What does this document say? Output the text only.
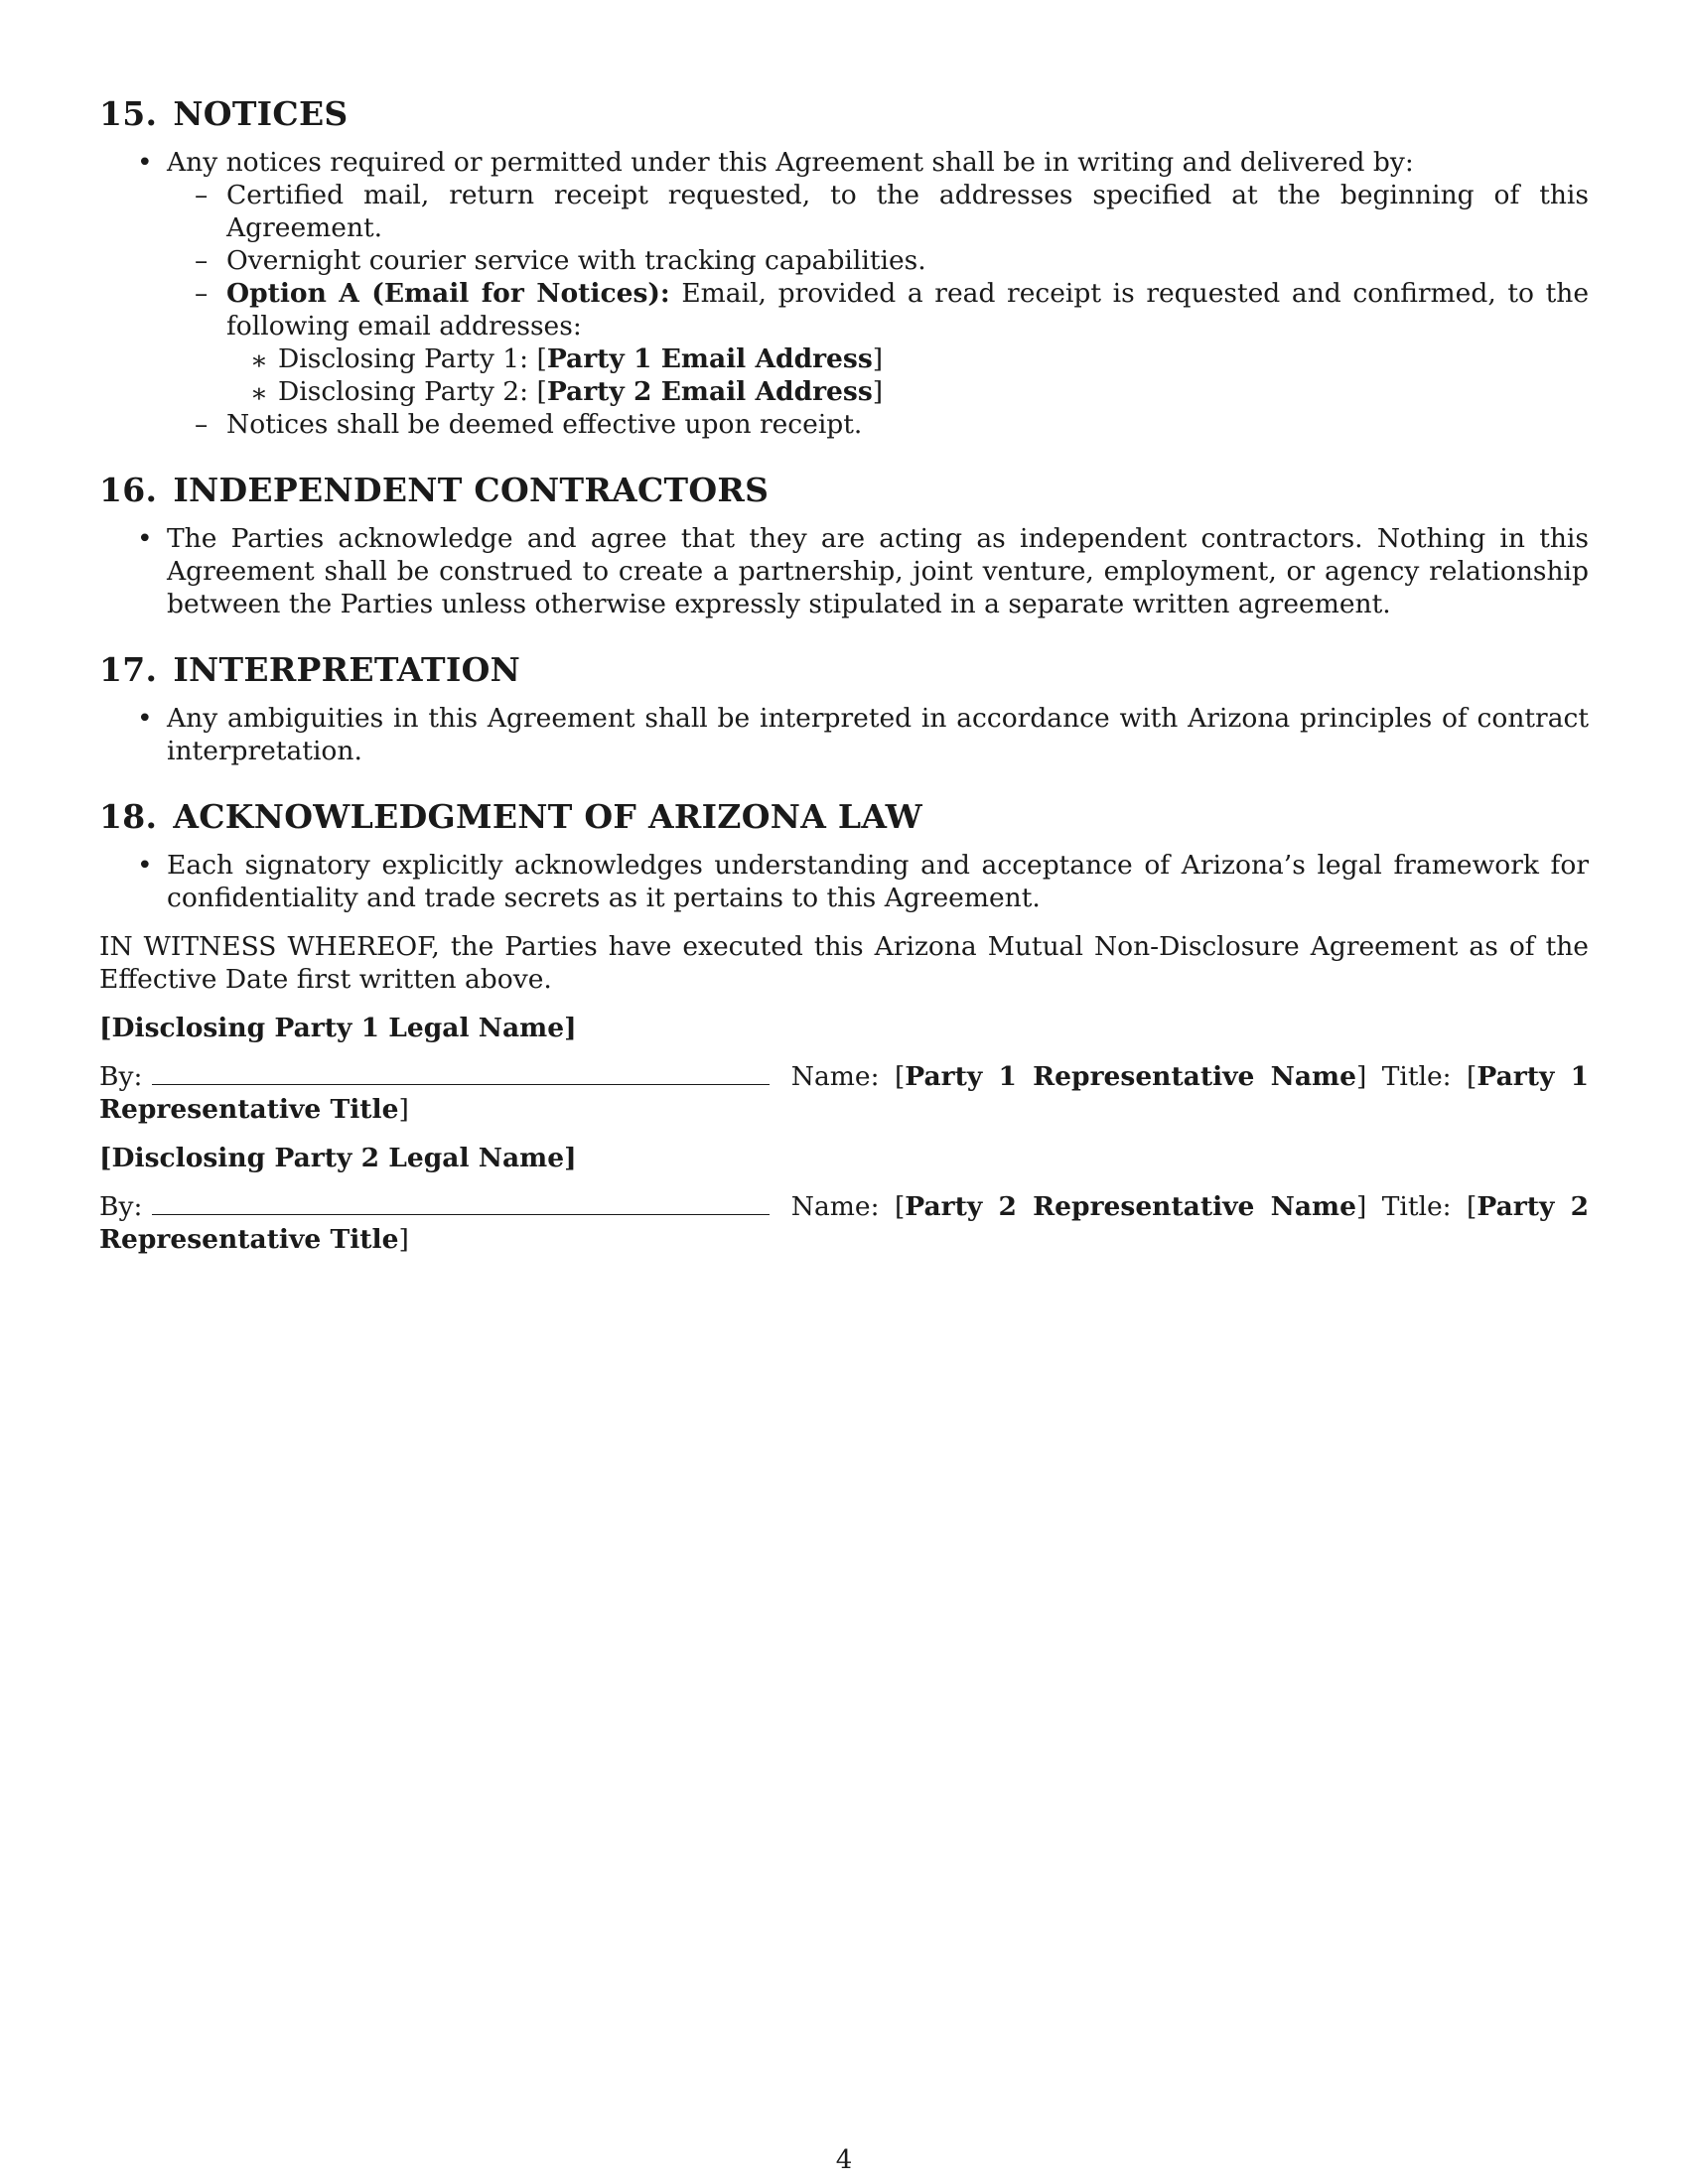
15. NOTICES
• Any notices required or permitted under this Agreement shall be in writing and delivered by:
– Certified mail, return receipt requested, to the addresses specified at the beginning of this Agreement.
– Overnight courier service with tracking capabilities.
– Option A (Email for Notices): Email, provided a read receipt is requested and confirmed, to the following email addresses:
∗ Disclosing Party 1: [Party 1 Email Address]
∗ Disclosing Party 2: [Party 2 Email Address]
– Notices shall be deemed effective upon receipt.
16. INDEPENDENT CONTRACTORS
• The Parties acknowledge and agree that they are acting as independent contractors. Nothing in this Agreement shall be construed to create a partnership, joint venture, employment, or agency relationship between the Parties unless otherwise expressly stipulated in a separate written agreement.
17. INTERPRETATION
• Any ambiguities in this Agreement shall be interpreted in accordance with Arizona principles of contract interpretation.
18. ACKNOWLEDGMENT OF ARIZONA LAW
• Each signatory explicitly acknowledges understanding and acceptance of Arizona’s legal framework for confidentiality and trade secrets as it pertains to this Agreement.

IN WITNESS WHEREOF, the Parties have executed this Arizona Mutual Non-Disclosure Agreement as of the Effective Date first written above.

[Disclosing Party 1 Legal Name]
By:	Name: [Party 1 Representative Name] Title: [Party 1 Representative Title]
[Disclosing Party 2 Legal Name]
By:	Name: [Party 2 Representative Name] Title: [Party 2 Representative Title]
4
